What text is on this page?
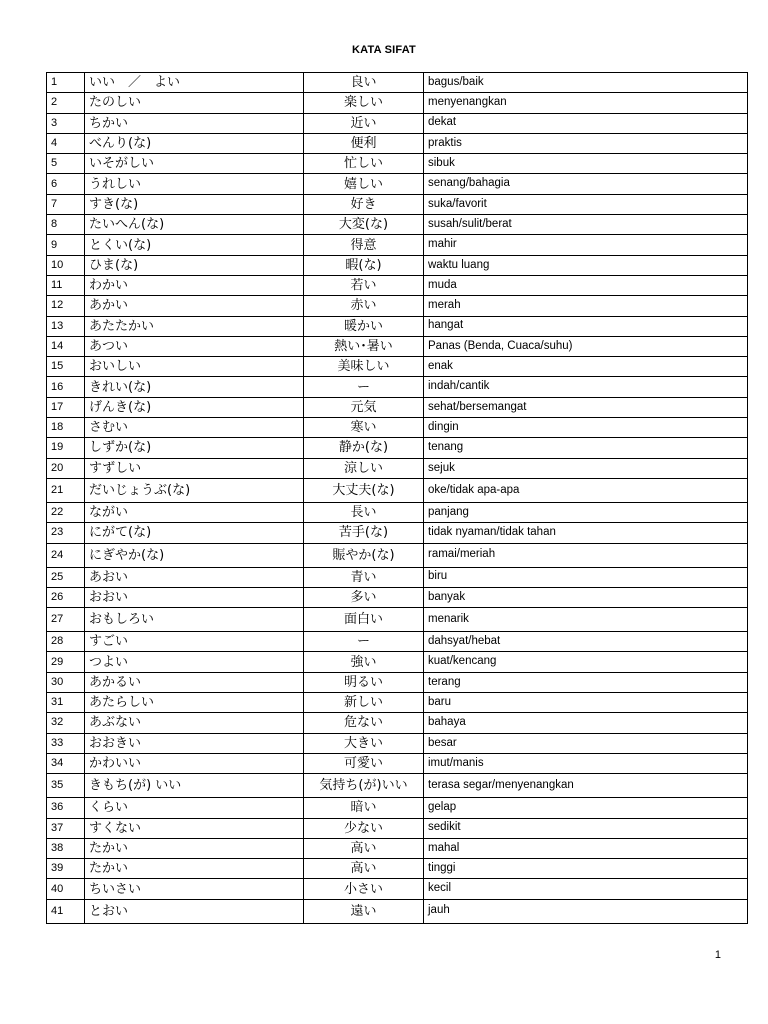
KATA SIFAT
1	いい　／　よい	良い	bagus/baik
2	たのしい	楽しい	menyenangkan
3	ちかい	近い	dekat
4	べんり(な)	便利	praktis
5	いそがしい	忙しい	sibuk
6	うれしい	嬉しい	senang/bahagia
7	すき(な)	好き	suka/favorit
8	たいへん(な)	大変(な)	susah/sulit/berat
9	とくい(な)	得意	mahir
10	ひま(な)	暇(な)	waktu luang
11	わかい	若い	muda
12	あかい	赤い	merah
13	あたたかい	暖かい	hangat
14	あつい	熱い･暑い	Panas (Benda, Cuaca/suhu)
15	おいしい	美味しい	enak
16	きれい(な)	ー	indah/cantik
17	げんき(な)	元気	sehat/bersemangat
18	さむい	寒い	dingin
19	しずか(な)	静か(な)	tenang
20	すずしい	涼しい	sejuk
21	だいじょうぶ(な)	大丈夫(な)	oke/tidak apa-apa
22	ながい	長い	panjang
23	にがて(な)	苦手(な)	tidak nyaman/tidak tahan
24	にぎやか(な)	賑やか(な)	ramai/meriah
25	あおい	青い	biru
26	おおい	多い	banyak
27	おもしろい	面白い	menarik
28	すごい	ー	dahsyat/hebat
29	つよい	強い	kuat/kencang
30	あかるい	明るい	terang
31	あたらしい	新しい	baru
32	あぶない	危ない	bahaya
33	おおきい	大きい	besar
34	かわいい	可愛い	imut/manis
35	きもち(が) いい	気持ち(が)いい	terasa segar/menyenangkan
36	くらい	暗い	gelap
37	すくない	少ない	sedikit
38	たかい	高い	mahal
39	たかい	高い	tinggi
40	ちいさい	小さい	kecil
41	とおい	遠い	jauh
1
